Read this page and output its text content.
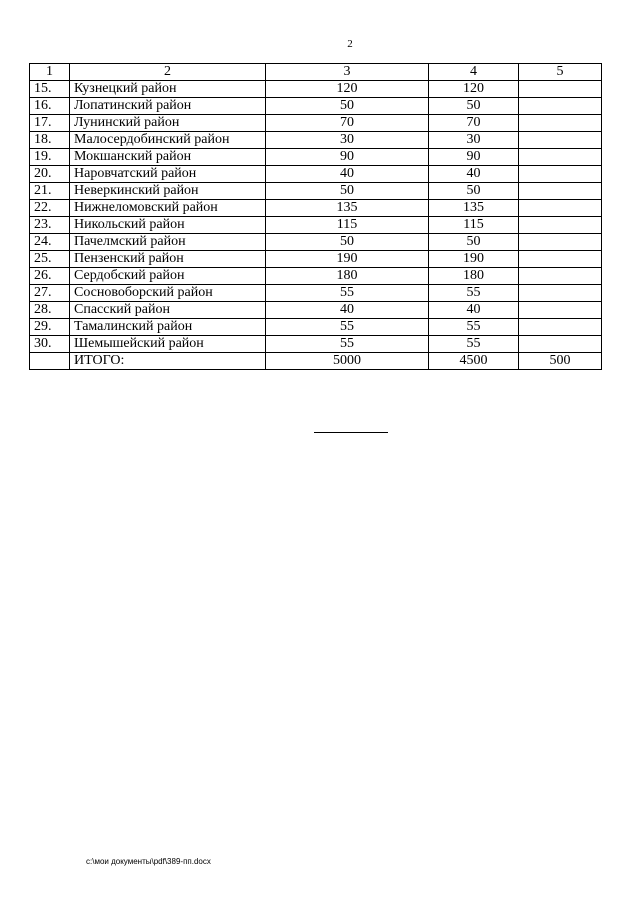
2
1	2	3	4	5
15.	Кузнецкий район	120	120	
16.	Лопатинский район	50	50	
17.	Лунинский район	70	70	
18.	Малосердобинский район	30	30	
19.	Мокшанский район	90	90	
20.	Наровчатский район	40	40	
21.	Неверкинский район	50	50	
22.	Нижнеломовский район	135	135	
23.	Никольский район	115	115	
24.	Пачелмский район	50	50	
25.	Пензенский район	190	190	
26.	Сердобский район	180	180	
27.	Сосновоборский район	55	55	
28.	Спасский район	40	40	
29.	Тамалинский район	55	55	
30.	Шемышейский район	55	55	
	ИТОГО:	5000	4500	500
c:\мои документы\pdf\389-пп.docx
